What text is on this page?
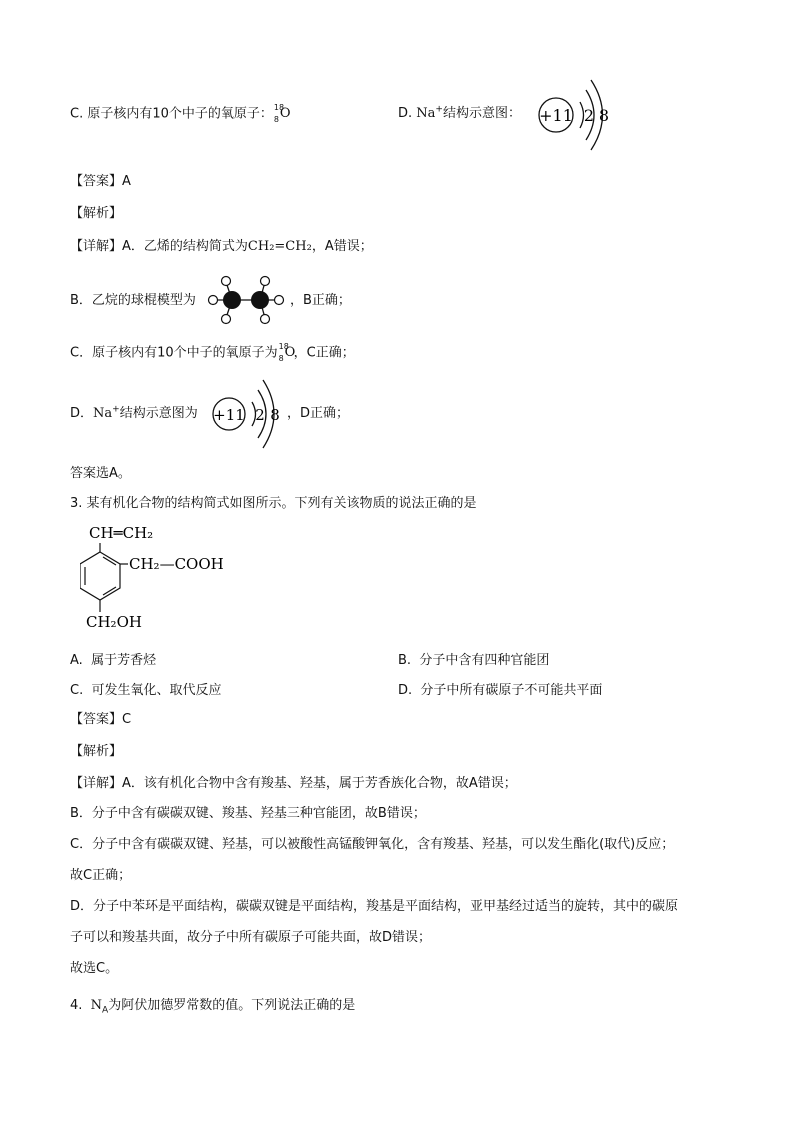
C. 原子核内有10个中子的氧原子： 18
8 O	D. Na+结构示意图： +11 2 8
【答案】A
【解析】
【详解】A．乙烯的结构简式为CH₂=CH₂，A错误；
B．乙烷的球棍模型为	，B正确；
C．原子核内有10个中子的氧原子为 18
8 O
，C正确；
D．Na+结构示意图为 +11 2 8 ，D正确；
答案选A。
3. 某有机化合物的结构简式如图所示。下列有关该物质的说法正确的是
CH═CH₂
CH₂—COOH
CH₂OH
A. 属于芳香烃	B. 分子中含有四种官能团
C. 可发生氧化、取代反应	D. 分子中所有碳原子不可能共平面
【答案】C
【解析】
【详解】A．该有机化合物中含有羧基、羟基，属于芳香族化合物，故A错误；
B．分子中含有碳碳双键、羧基、羟基三种官能团，故B错误；
C．分子中含有碳碳双键、羟基，可以被酸性高锰酸钾氧化，含有羧基、羟基，可以发生酯化(取代)反应；
故C正确；
D．分子中苯环是平面结构，碳碳双键是平面结构，羧基是平面结构，亚甲基经过适当的旋转，其中的碳原
子可以和羧基共面，故分子中所有碳原子可能共面，故D错误；
故选C。
4. $N_A$为阿伏加德罗常数的值。下列说法正确的是
